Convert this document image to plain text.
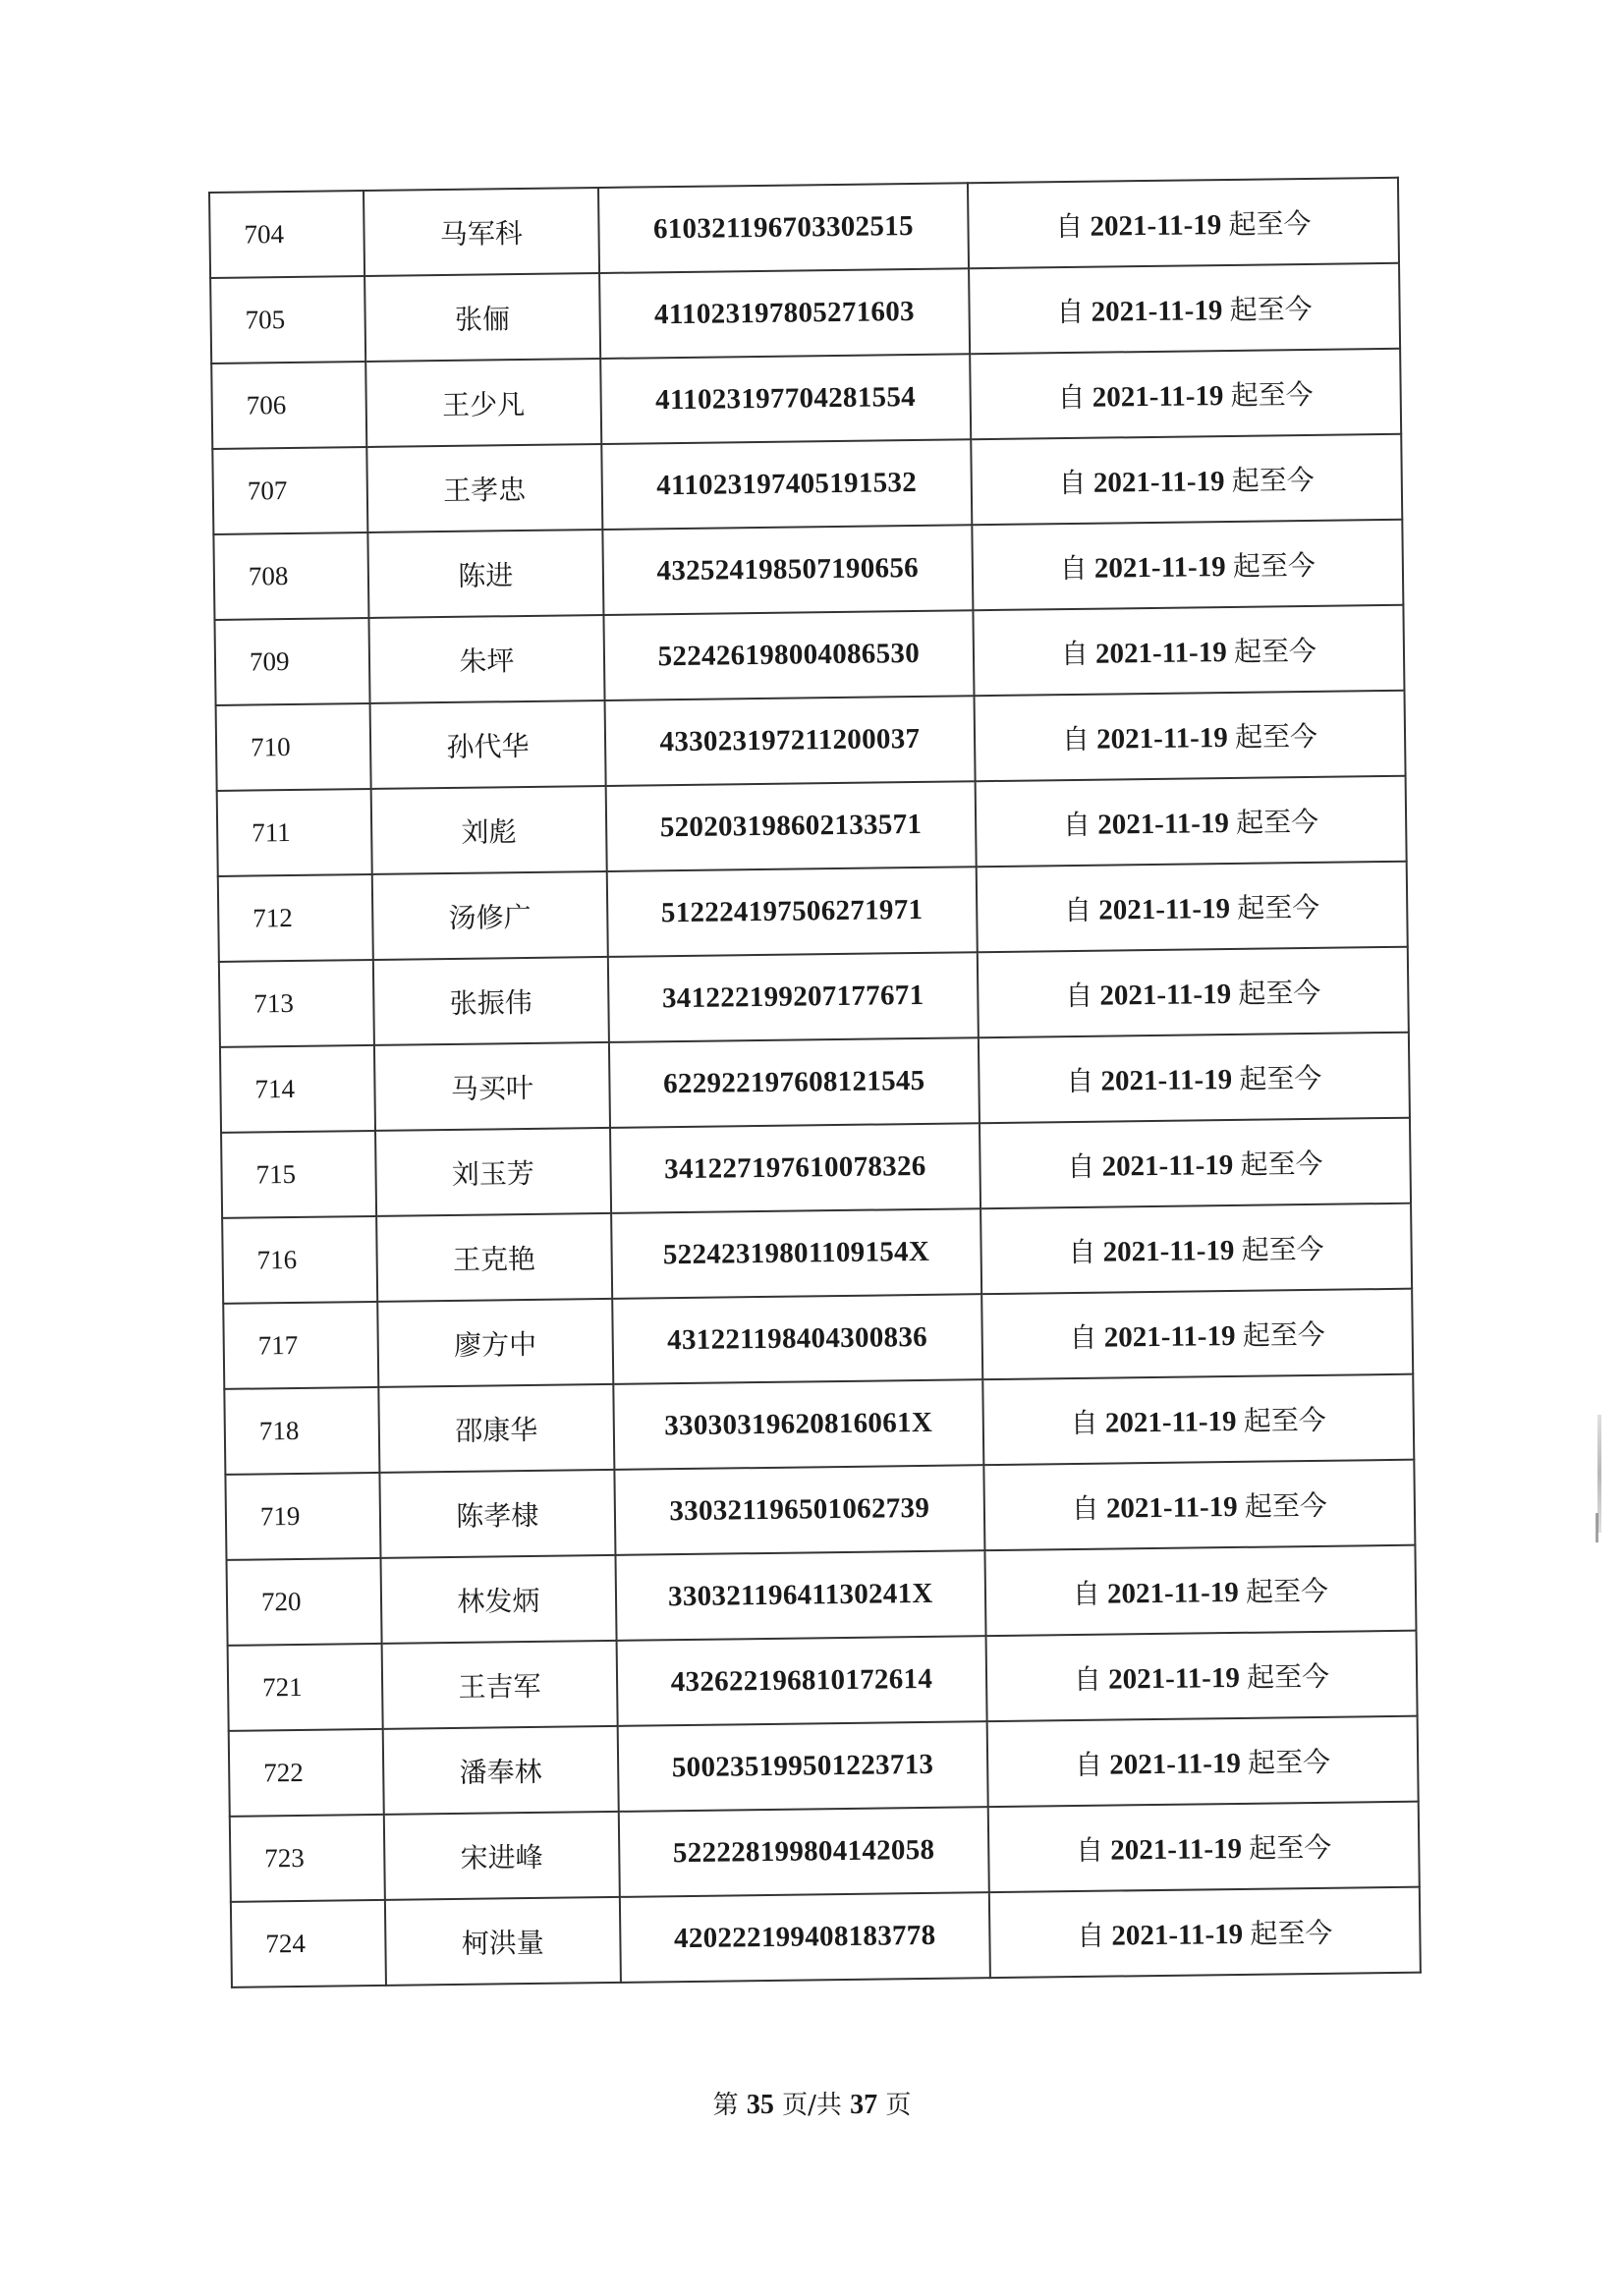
704	马军科	610321196703302515	自 2021-11-19 起至今
705	张俪	411023197805271603	自 2021-11-19 起至今
706	王少凡	411023197704281554	自 2021-11-19 起至今
707	王孝忠	411023197405191532	自 2021-11-19 起至今
708	陈进	432524198507190656	自 2021-11-19 起至今
709	朱坪	522426198004086530	自 2021-11-19 起至今
710	孙代华	433023197211200037	自 2021-11-19 起至今
711	刘彪	520203198602133571	自 2021-11-19 起至今
712	汤修广	512224197506271971	自 2021-11-19 起至今
713	张振伟	341222199207177671	自 2021-11-19 起至今
714	马买叶	622922197608121545	自 2021-11-19 起至今
715	刘玉芳	341227197610078326	自 2021-11-19 起至今
716	王克艳	52242319801109154X	自 2021-11-19 起至今
717	廖方中	431221198404300836	自 2021-11-19 起至今
718	邵康华	33030319620816061X	自 2021-11-19 起至今
719	陈孝棣	330321196501062739	自 2021-11-19 起至今
720	林发炳	33032119641130241X	自 2021-11-19 起至今
721	王吉军	432622196810172614	自 2021-11-19 起至今
722	潘奉林	500235199501223713	自 2021-11-19 起至今
723	宋进峰	522228199804142058	自 2021-11-19 起至今
724	柯洪量	420222199408183778	自 2021-11-19 起至今
第 35 页/共 37 页
